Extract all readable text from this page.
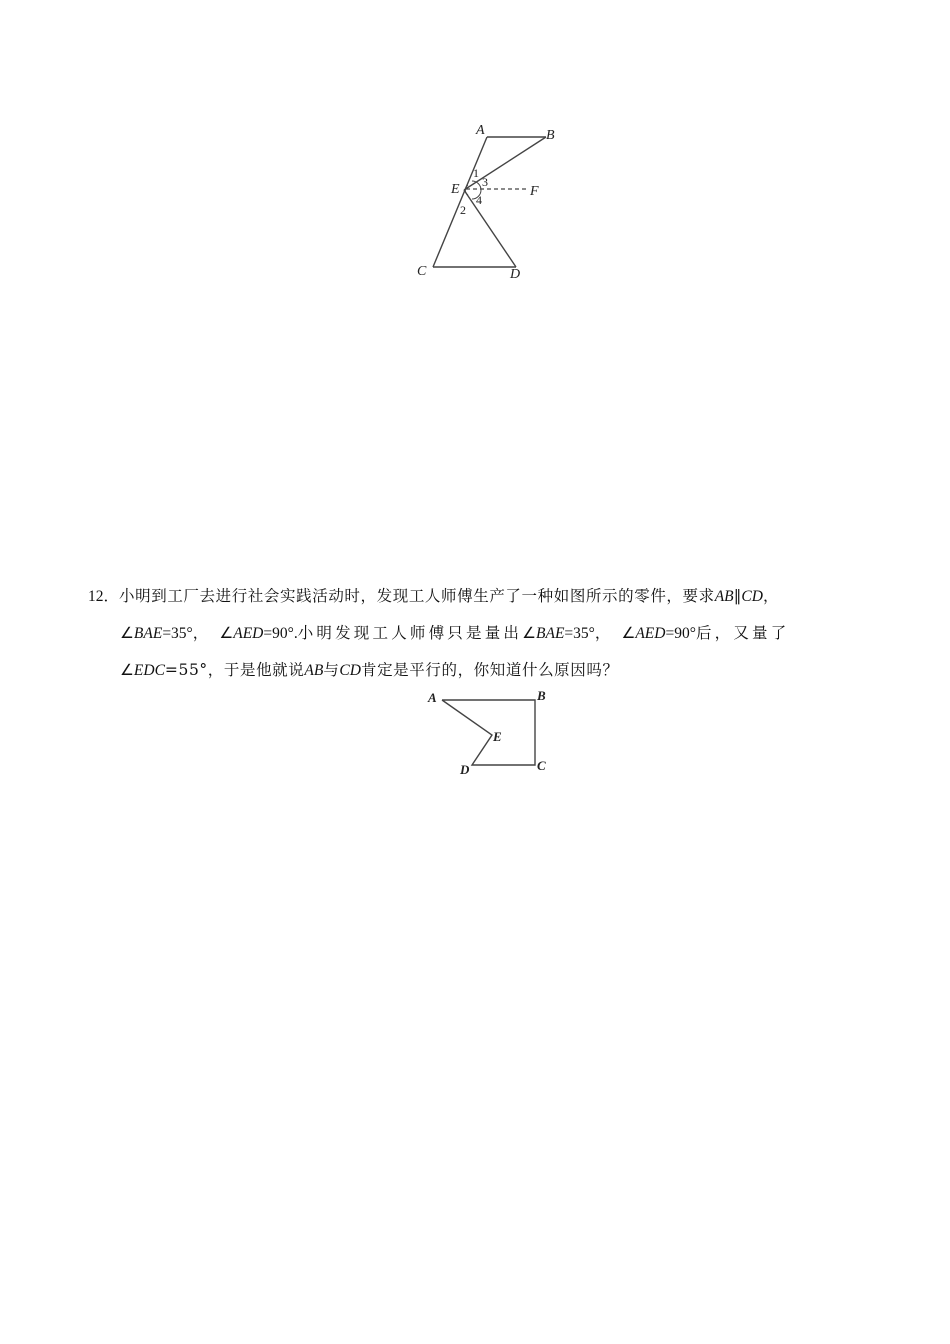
A	B
E	F
C	D
1
3
4
2
12．小明到工厂去进行社会实践活动时，发现工人师傅生产了一种如图所示的零件，要求AB∥CD，
∠BAE=35°， ∠AED=90°.小明发现工人师傅只是量出∠BAE=35°， ∠AED=90°后，又量了
∠EDC=55°，于是他就说AB与CD肯定是平行的，你知道什么原因吗？
A	B
E
D	C
